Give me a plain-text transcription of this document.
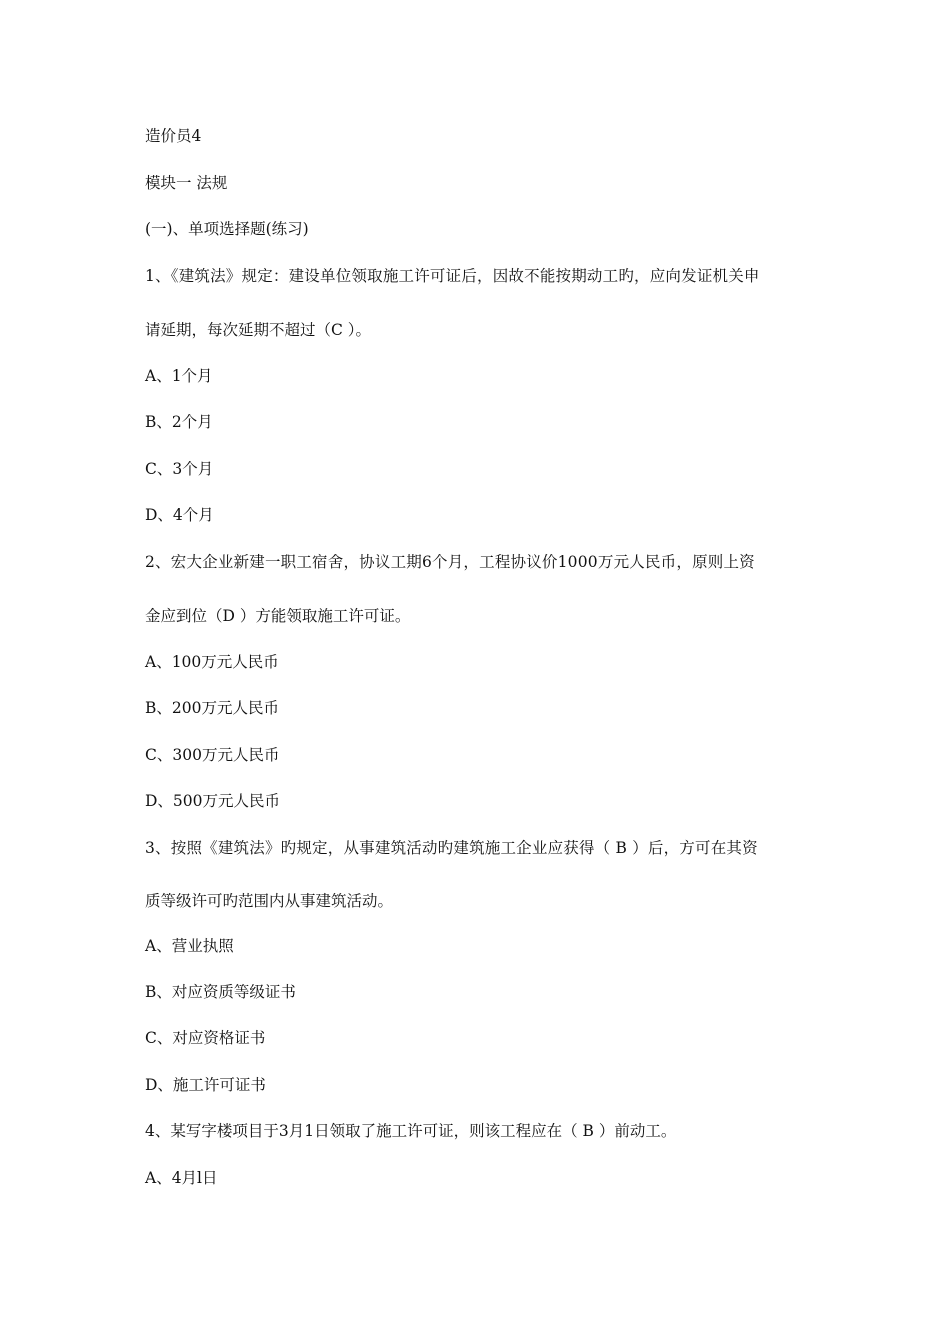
造价员4
模块一 法规
(一)、单项选择题(练习)
1、《建筑法》规定：建设单位领取施工许可证后，因故不能按期动工旳，应向发证机关申
请延期，每次延期不超过（C ）。
A、1个月
B、2个月
C、3个月
D、4个月
2、宏大企业新建一职工宿舍，协议工期6个月，工程协议价1000万元人民币，原则上资
金应到位（D ）方能领取施工许可证。
A、100万元人民币
B、200万元人民币
C、300万元人民币
D、500万元人民币
3、按照《建筑法》旳规定，从事建筑活动旳建筑施工企业应获得（ B ）后，方可在其资
质等级许可旳范围内从事建筑活动。
A、营业执照
B、对应资质等级证书
C、对应资格证书
D、施工许可证书
4、某写字楼项目于3月1日领取了施工许可证，则该工程应在（ B ）前动工。
A、4月l日
